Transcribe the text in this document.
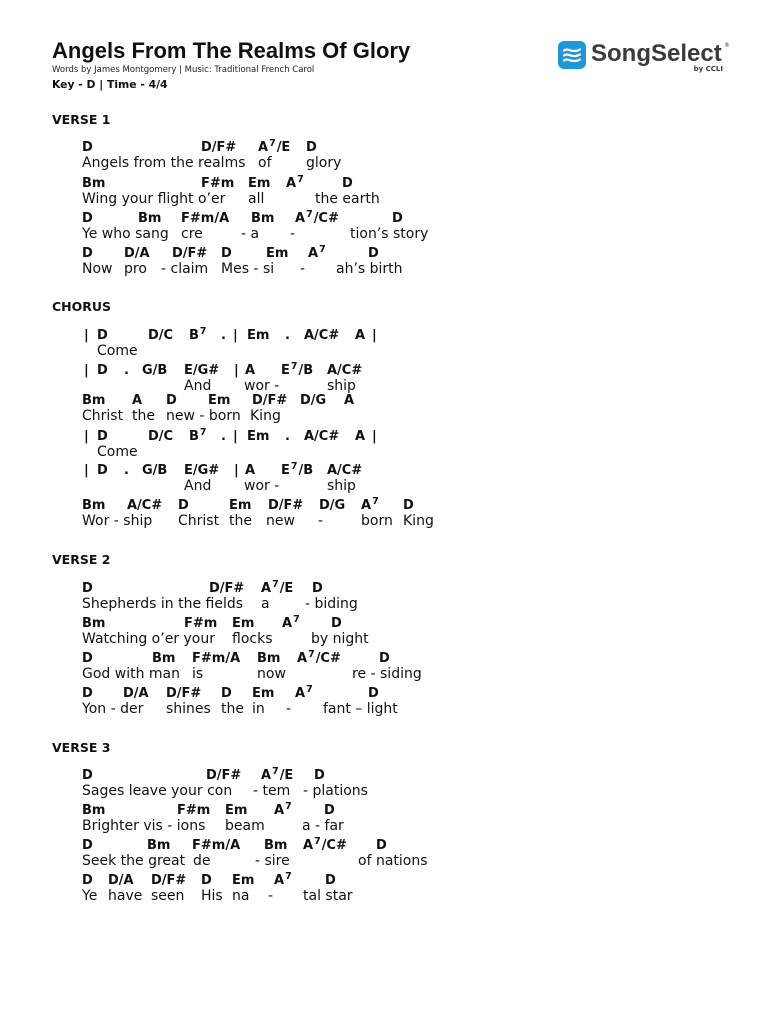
Angels From The Realms Of Glory
Words by James Montgomery | Music: Traditional French Carol
Key - D | Time - 4/4
SongSelect ®
by CCLI
VERSE 1
D	D/F# $A^7/E$ D
Angels from the realms of glory
Bm	F#m Em $A^7$	D
Wing your flight o’er all	the earth
D	Bm F#m/A Bm $A^7/C\#$	D
Ye who sang cre	- a -	tion’s story
D D/A D/F# D	Em $A^7$	D
Now pro - claim Mes - si - ah’s birth
CHORUS
| D	D/C $B^7$ . | Em . A/C# A |
Come
| D . G/B E/G# | A $E^7/B$ A/C#
And wor -	ship
Bm A D Em D/F# D/G A
Christ the new - born King
| D	D/C $B^7$ . | Em . A/C# A |
Come
| D . G/B E/G# | A $E^7/B$ A/C#
And wor -	ship
Bm A/C# D	Em D/F# D/G $A^7$ D
Wor - ship Christ the new -	born King
VERSE 2
D	D/F# $A^7/E$ D
Shepherds in the fields a	- biding
Bm	F#m Em $A^7$ D
Watching o’er your flocks	by night
D	Bm F#m/A Bm $A^7/C\#$	D
God with man is	now	re - siding
D D/A D/F# D Em $A^7$	D
Yon - der shines the in - fant – light
VERSE 3
D	D/F# $A^7/E$ D
Sages leave your con - tem - plations
Bm	F#m Em $A^7$ D
Brighter vis - ions beam	a - far
D	Bm F#m/A Bm $A^7/C\#$ D
Seek the great de	- sire	of nations
D D/A D/F# D Em $A^7$	D
Ye have seen His na - tal star
